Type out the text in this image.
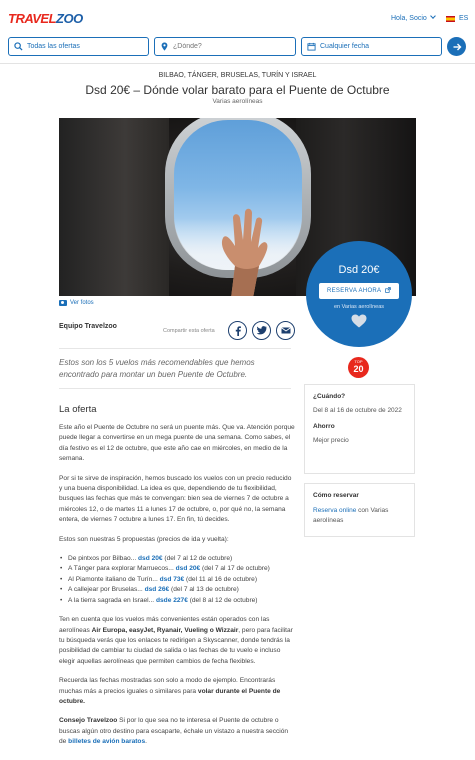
TRAVELZOO	Hola, Socio	ES
Todas las ofertas
¿Dónde?	Cualquier fecha
BILBAO, TÁNGER, BRUSELAS, TURÍN Y ISRAEL
Dsd 20€ – Dónde volar barato para el Puente de Octubre
Varias aerolíneas
Ver fotos
Dsd 20€
RESERVA AHORA
en Varias aerolíneas
Equipo Travelzoo
Compartir esta oferta
Estos son los 5 vuelos más recomendables que hemos encontrado para montar un buen Puente de Octubre.
TOP
20
¿Cuándo?
Del 8 al 16 de octubre de 2022
Ahorro
Mejor precio
Cómo reservar
Reserva online con Varias aerolíneas
La oferta

Este año el Puente de Octubre no será un puente más. Que va. Atención porque puede llegar a convertirse en un mega puente de una semana. Como sabes, el día festivo es el 12 de octubre, que este año cae en miércoles, en medio de la semana.

Por si te sirve de inspiración, hemos buscado los vuelos con un precio reducido y una buena disponibilidad. La idea es que, dependiendo de tu flexibilidad, busques las fechas que más te convengan: bien sea de viernes 7 de octubre a miércoles 12, o de martes 11 a lunes 17 de octubre, o, por qué no, la semana entera, de viernes 7 octubre a lunes 17. En fin, tú decides.

Estos son nuestras 5 propuestas (precios de ida y vuelta):

• De pintxos por Bilbao... dsd 20€ (del 7 al 12 de octubre)
• A Tánger para explorar Marruecos... dsd 20€ (del 7 al 17 de octubre)
• Al Piamonte italiano de Turín... dsd 73€ (del 11 al 16 de octubre)
• A callejear por Bruselas... dsd 26€ (del 7 al 13 de octubre)
• A la tierra sagrada en Israel... dsde 227€ (del 8 al 12 de octubre)

Ten en cuenta que los vuelos más convenientes están operados con las aerolíneas Air Europa, easyJet, Ryanair, Vueling o Wizzair, pero para facilitar tu búsqueda verás que los enlaces te redirigen a Skyscanner, donde tendrás la posibilidad de cambiar tu ciudad de salida o las fechas de tu vuelo e incluso elegir aquellas aerolíneas que permiten cambios de fecha flexibles.

Recuerda las fechas mostradas son solo a modo de ejemplo. Encontrarás muchas más a precios iguales o similares para volar durante el Puente de octubre.

Consejo Travelzoo Si por lo que sea no te interesa el Puente de octubre o buscas algún otro destino para escaparte, échale un vistazo a nuestra sección de billetes de avión baratos.
